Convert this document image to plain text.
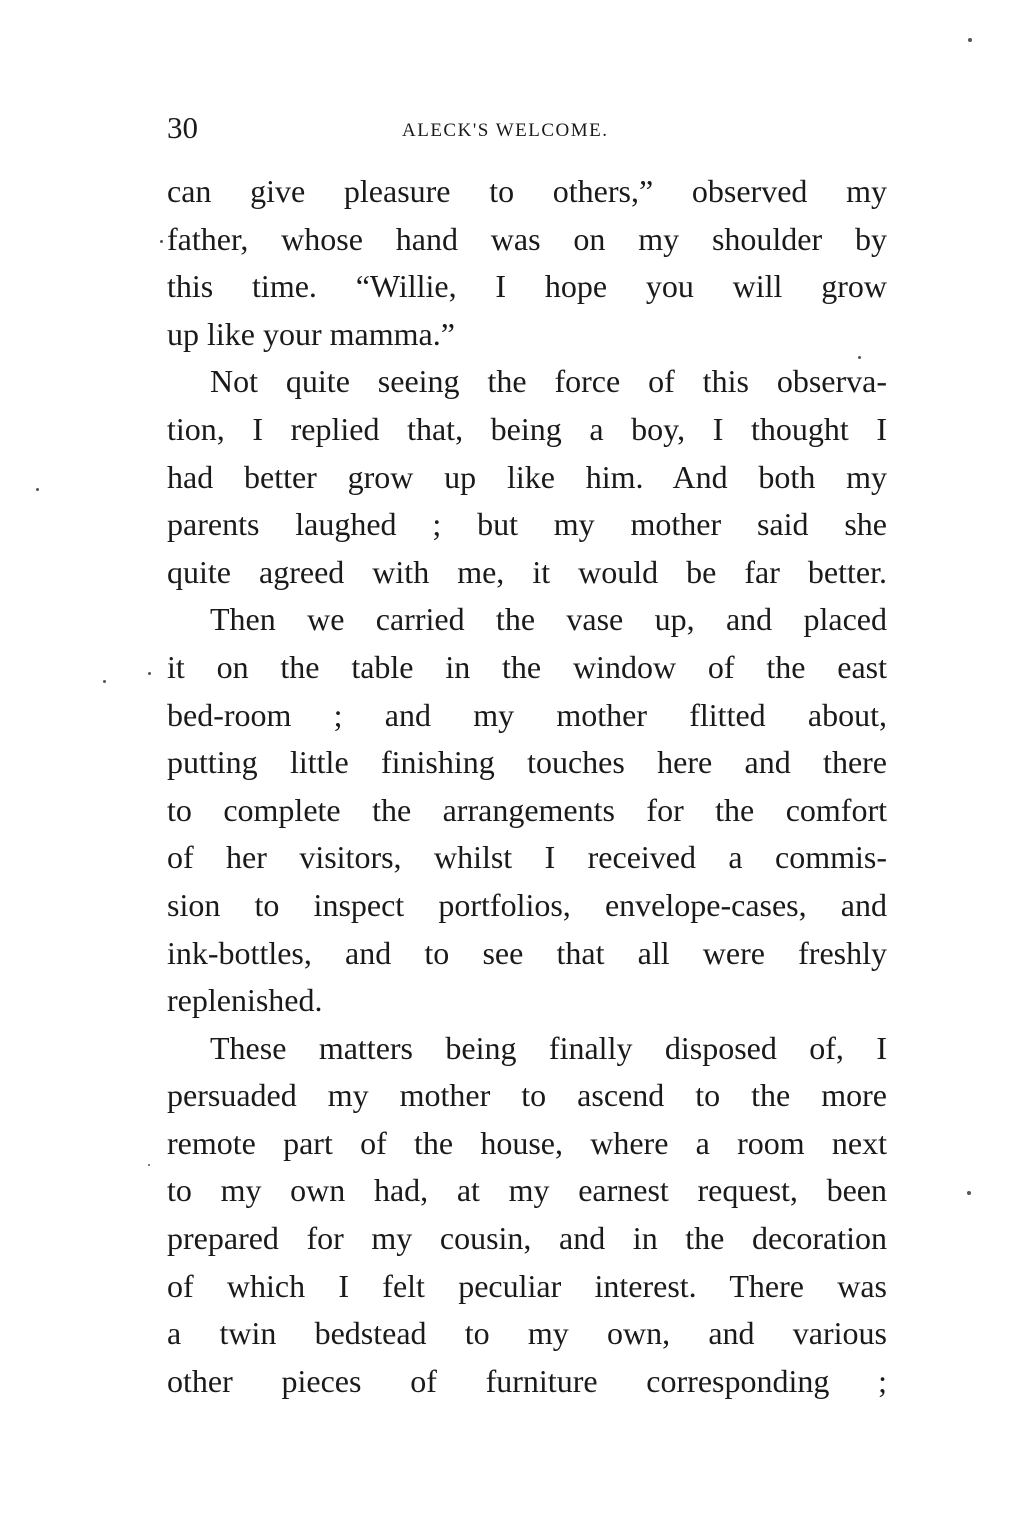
30	ALECK'S WELCOME.
can give pleasure to others,” observed my
father, whose hand was on my shoulder by
this time. “Willie, I hope you will grow
up like your mamma.”
Not quite seeing the force of this observa-
tion, I replied that, being a boy, I thought I
had better grow up like him. And both my
parents laughed ; but my mother said she
quite agreed with me, it would be far better.
Then we carried the vase up, and placed
it on the table in the window of the east
bed-room ; and my mother flitted about,
putting little finishing touches here and there
to complete the arrangements for the comfort
of her visitors, whilst I received a commis-
sion to inspect portfolios, envelope-cases, and
ink-bottles, and to see that all were freshly
replenished.
These matters being finally disposed of, I
persuaded my mother to ascend to the more
remote part of the house, where a room next
to my own had, at my earnest request, been
prepared for my cousin, and in the decoration
of which I felt peculiar interest. There was
a twin bedstead to my own, and various
other pieces of furniture corresponding ;
